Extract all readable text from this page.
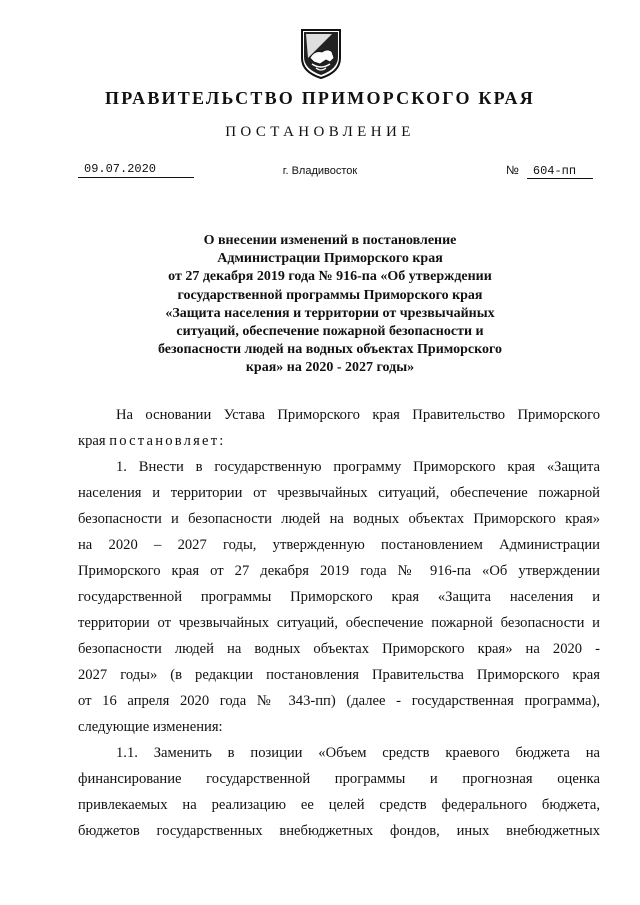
ПРАВИТЕЛЬСТВО ПРИМОРСКОГО КРАЯ
ПОСТАНОВЛЕНИЕ
09.07.2020	г. Владивосток	№ 604-пп
О внесении изменений в постановление
Администрации Приморского края
от 27 декабря 2019 года № 916-па «Об утверждении
государственной программы Приморского края
«Защита населения и территории от чрезвычайных
ситуаций, обеспечение пожарной безопасности и
безопасности людей на водных объектах Приморского
края» на 2020 - 2027 годы»
На основании Устава Приморского края Правительство Приморского
края постановляет:
1. Внести в государственную программу Приморского края «Защита
населения и территории от чрезвычайных ситуаций, обеспечение пожарной
безопасности и безопасности людей на водных объектах Приморского края»
на 2020 – 2027 годы, утвержденную постановлением Администрации
Приморского края от 27 декабря 2019 года № 916-па «Об утверждении
государственной программы Приморского края «Защита населения и
территории от чрезвычайных ситуаций, обеспечение пожарной безопасности и
безопасности людей на водных объектах Приморского края» на 2020 -
2027 годы» (в редакции постановления Правительства Приморского края
от 16 апреля 2020 года № 343-пп) (далее - государственная программа),
следующие изменения:
1.1. Заменить в позиции «Объем средств краевого бюджета на
финансирование государственной программы и прогнозная оценка
привлекаемых на реализацию ее целей средств федерального бюджета,
бюджетов государственных внебюджетных фондов, иных внебюджетных
